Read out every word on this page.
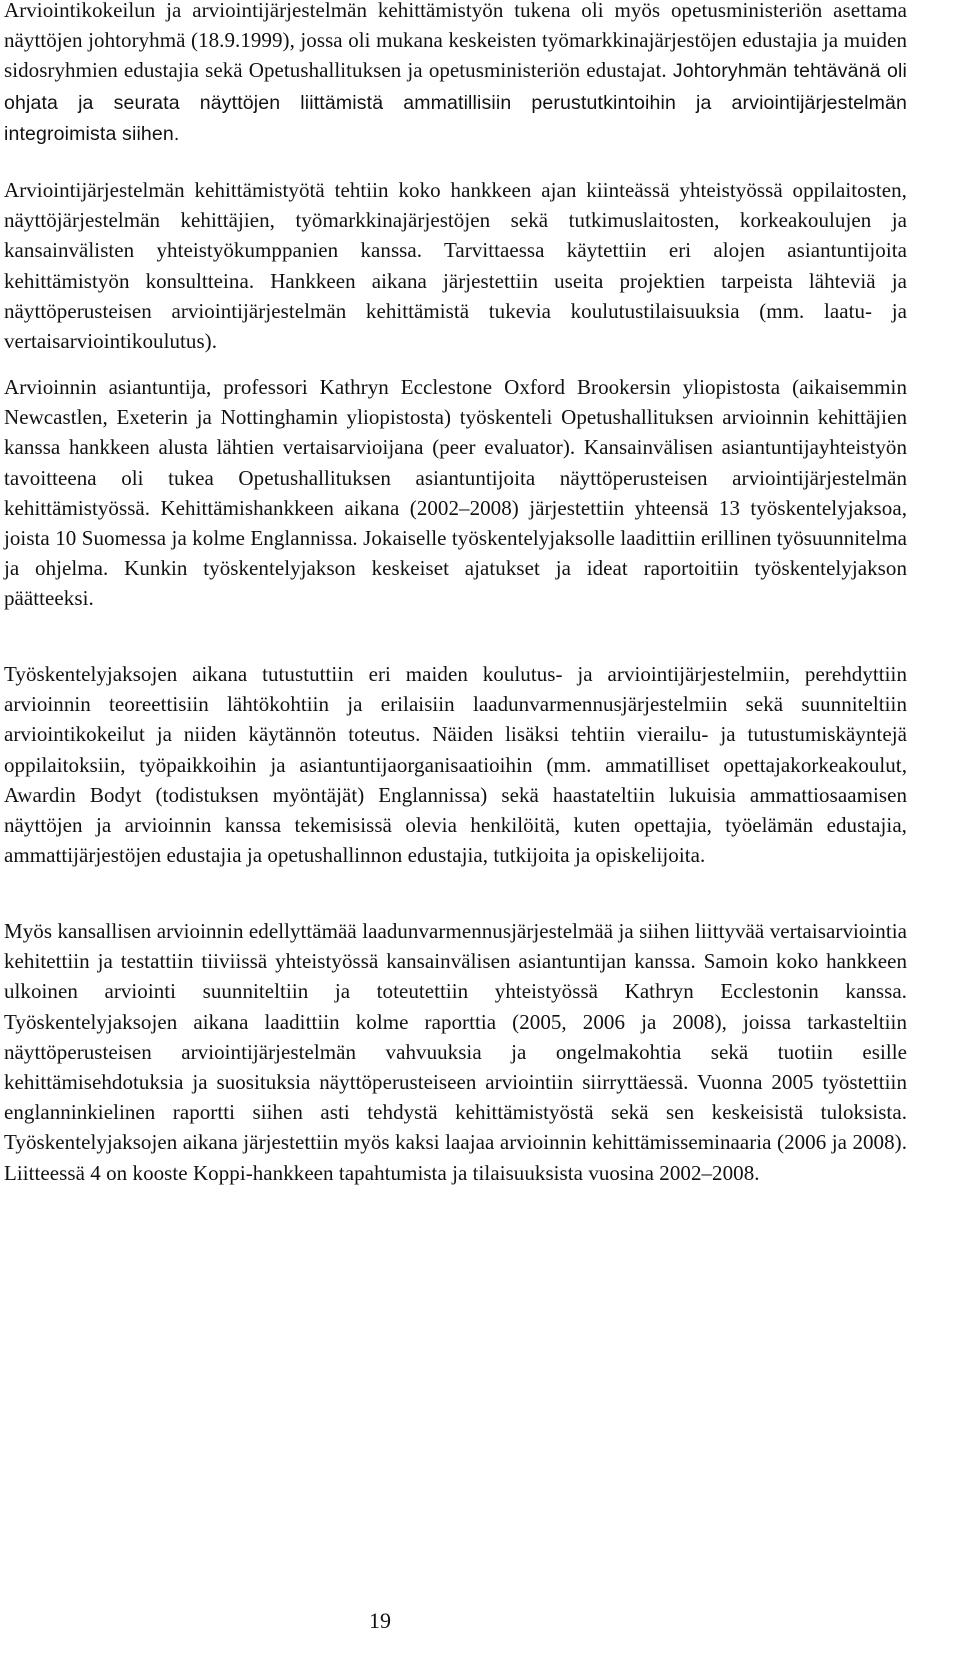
Arviointikokeilun ja arviointijärjestelmän kehittämistyön tukena oli myös opetusministeriön asettama näyttöjen johtoryhmä (18.9.1999), jossa oli mukana keskeisten työmarkkinajärjestöjen edustajia ja muiden sidosryhmien edustajia sekä Opetushallituksen ja opetusministeriön edustajat. Johtoryhmän tehtävänä oli ohjata ja seurata näyttöjen liittämistä ammatillisiin perustutkintoihin ja arviointijärjestelmän integroimista siihen.

Arviointijärjestelmän kehittämistyötä tehtiin koko hankkeen ajan kiinteässä yhteistyössä oppilaitosten, näyttöjärjestelmän kehittäjien, työmarkkinajärjestöjen sekä tutkimuslaitosten, korkeakoulujen ja kansainvälisten yhteistyökumppanien kanssa. Tarvittaessa käytettiin eri alojen asiantuntijoita kehittämistyön konsultteina. Hankkeen aikana järjestettiin useita projektien tarpeista lähteviä ja näyttöperusteisen arviointijärjestelmän kehittämistä tukevia koulutustilaisuuksia (mm. laatu- ja vertaisarviointikoulutus).

Arvioinnin asiantuntija, professori Kathryn Ecclestone Oxford Brookersin yliopistosta (aikaisemmin Newcastlen, Exeterin ja Nottinghamin yliopistosta) työskenteli Opetushallituksen arvioinnin kehittäjien kanssa hankkeen alusta lähtien vertaisarvioijana (peer evaluator). Kansainvälisen asiantuntijayhteistyön tavoitteena oli tukea Opetushallituksen asiantuntijoita näyttöperusteisen arviointijärjestelmän kehittämistyössä. Kehittämishankkeen aikana (2002–2008) järjestettiin yhteensä 13 työskentelyjaksoa, joista 10 Suomessa ja kolme Englannissa. Jokaiselle työskentelyjaksolle laadittiin erillinen työsuunnitelma ja ohjelma. Kunkin työskentelyjakson keskeiset ajatukset ja ideat raportoitiin työskentelyjakson päätteeksi.

Työskentelyjaksojen aikana tutustuttiin eri maiden koulutus- ja arviointijärjestelmiin, perehdyttiin arvioinnin teoreettisiin lähtökohtiin ja erilaisiin laadunvarmennusjärjestelmiin sekä suunniteltiin arviointikokeilut ja niiden käytännön toteutus. Näiden lisäksi tehtiin vierailu- ja tutustumiskäyntejä oppilaitoksiin, työpaikkoihin ja asiantuntijaorganisaatioihin (mm. ammatilliset opettajakorkeakoulut, Awardin Bodyt (todistuksen myöntäjät) Englannissa) sekä haastateltiin lukuisia ammattiosaamisen näyttöjen ja arvioinnin kanssa tekemisissä olevia henkilöitä, kuten opettajia, työelämän edustajia, ammattijärjestöjen edustajia ja opetushallinnon edustajia, tutkijoita ja opiskelijoita.

Myös kansallisen arvioinnin edellyttämää laadunvarmennusjärjestelmää ja siihen liittyvää vertaisarviointia kehitettiin ja testattiin tiiviissä yhteistyössä kansainvälisen asiantuntijan kanssa. Samoin koko hankkeen ulkoinen arviointi suunniteltiin ja toteutettiin yhteistyössä Kathryn Ecclestonin kanssa. Työskentelyjaksojen aikana laadittiin kolme raporttia (2005, 2006 ja 2008), joissa tarkasteltiin näyttöperusteisen arviointijärjestelmän vahvuuksia ja ongelmakohtia sekä tuotiin esille kehittämisehdotuksia ja suosituksia näyttöperusteiseen arviointiin siirryttäessä. Vuonna 2005 työstettiin englanninkielinen raportti siihen asti tehdystä kehittämistyöstä sekä sen keskeisistä tuloksista. Työskentelyjaksojen aikana järjestettiin myös kaksi laajaa arvioinnin kehittämisseminaaria (2006 ja 2008). Liitteessä 4 on kooste Koppi-hankkeen tapahtumista ja tilaisuuksista vuosina 2002–2008.

19
